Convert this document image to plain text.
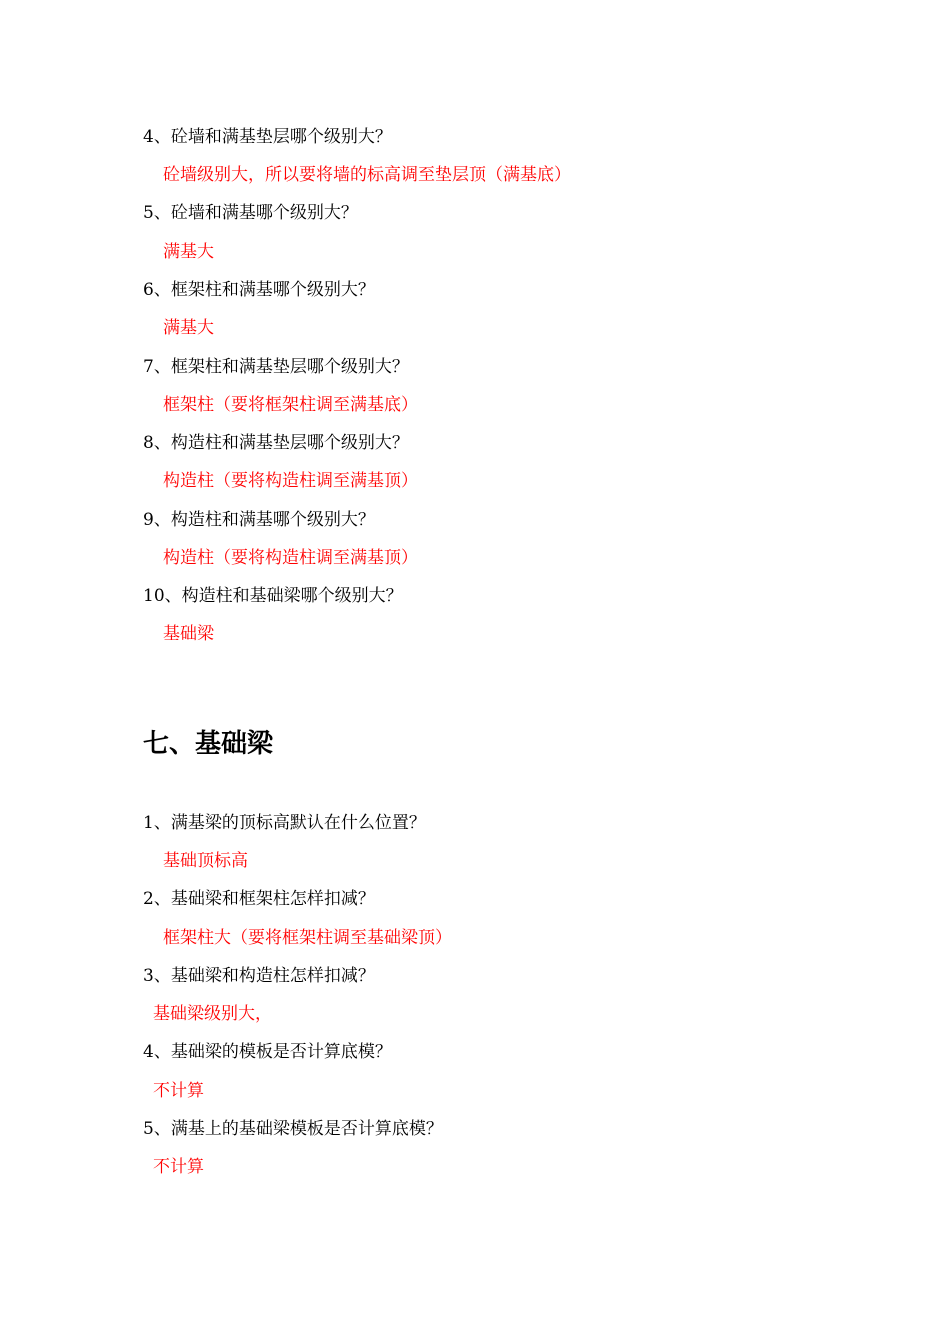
4、砼墙和满基垫层哪个级别大？
砼墙级别大，所以要将墙的标高调至垫层顶（满基底）
5、砼墙和满基哪个级别大？
满基大
6、框架柱和满基哪个级别大？
满基大
7、框架柱和满基垫层哪个级别大？
框架柱（要将框架柱调至满基底）
8、构造柱和满基垫层哪个级别大？
构造柱（要将构造柱调至满基顶）
9、构造柱和满基哪个级别大？
构造柱（要将构造柱调至满基顶）
10、构造柱和基础梁哪个级别大？
基础梁
七、基础梁
1、满基梁的顶标高默认在什么位置？
基础顶标高
2、基础梁和框架柱怎样扣减？
框架柱大（要将框架柱调至基础梁顶）
3、基础梁和构造柱怎样扣减？
基础梁级别大，
4、基础梁的模板是否计算底模？
不计算
5、满基上的基础梁模板是否计算底模？
不计算
